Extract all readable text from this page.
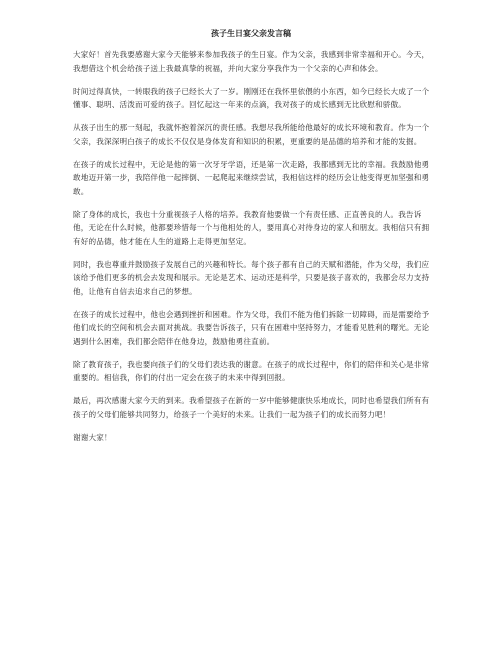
孩子生日宴父亲发言稿

大家好！首先我要感谢大家今天能够来参加我孩子的生日宴。作为父亲，我感到非常幸福和开心。今天，我想借这个机会给孩子送上我最真挚的祝福，并向大家分享我作为一个父亲的心声和体会。

时间过得真快，一转眼我的孩子已经长大了一岁。刚刚还在我怀里依偎的小东西，如今已经长大成了一个懂事、聪明、活泼而可爱的孩子。回忆起这一年来的点滴，我对孩子的成长感到无比欣慰和骄傲。

从孩子出生的那一刻起，我就怀抱着深沉的责任感。我想尽我所能给他最好的成长环境和教育。作为一个父亲，我深深明白孩子的成长不仅仅是身体发育和知识的积累，更重要的是品德的培养和才能的发掘。

在孩子的成长过程中，无论是他的第一次牙牙学语，还是第一次走路，我都感到无比的幸福。我鼓励他勇敢地迈开第一步，我陪伴他一起摔倒、一起爬起来继续尝试，我相信这样的经历会让他变得更加坚强和勇敢。

除了身体的成长，我也十分重视孩子人格的培养。我教育他要做一个有责任感、正直善良的人。我告诉他，无论在什么时候，他都要珍惜每一个与他相处的人，要用真心对待身边的家人和朋友。我相信只有拥有好的品德，他才能在人生的道路上走得更加坚定。

同时，我也尊重并鼓励孩子发展自己的兴趣和特长。每个孩子都有自己的天赋和潜能，作为父母，我们应该给予他们更多的机会去发现和展示。无论是艺术、运动还是科学，只要是孩子喜欢的，我都会尽力支持他，让他有自信去追求自己的梦想。

在孩子的成长过程中，他也会遇到挫折和困难。作为父母，我们不能为他们拆除一切障碍，而是需要给予他们成长的空间和机会去面对挑战。我要告诉孩子，只有在困难中坚持努力，才能看见胜利的曙光。无论遇到什么困难，我们都会陪伴在他身边，鼓励他勇往直前。

除了教育孩子，我也要向孩子们的父母们表达我的谢意。在孩子的成长过程中，你们的陪伴和关心是非常重要的。相信我，你们的付出一定会在孩子的未来中得到回报。

最后，再次感谢大家今天的到来。我希望孩子在新的一岁中能够健康快乐地成长，同时也希望我们所有有孩子的父母们能够共同努力，给孩子一个美好的未来。让我们一起为孩子们的成长而努力吧！

谢谢大家！
